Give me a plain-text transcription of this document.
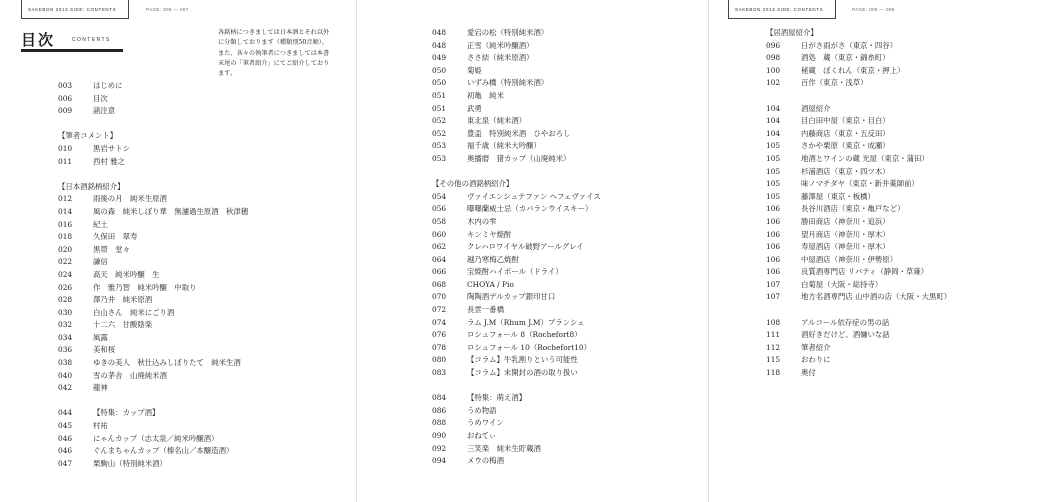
SAKEBON 2013 SIDE: CONTENTS	PAGE: 006 — 007	SAKEBON 2013 SIDE: CONTENTS	PAGE: 008 — 009
目次	CONTENTS

各銘柄につきましては日本酒とそれ以外に分類しております（種類別50音順）。また、各々の執筆者につきましては本書末尾の「筆者紹介」にてご紹介しております。

003	はじめに
006	目次
009	諸注意
【筆者コメント】
010	黒岩サトシ
011	西村 雅之
【日本酒銘柄紹介】
012	雨後の月　純米生原酒
014	風の森　純米しぼり華　無濾過生原酒　秋津穂
016	紀土
018	久保田　翠寿
020	黒帯　堂々
022	謙信
024	高天　純米吟醸　生
026	作　雅乃智　純米吟醸　中取り
028	澤乃井　純米原酒
030	白山さん　純米にごり酒
032	十二六　甘酸陰楽
034	風露
036	美和桜
038	ゆきの美人　秋仕込みしぼりたて　純米生酒
040	雪の茅舎　山廃純米酒
042	龍神
044	【特集：カップ酒】
045	村祐
046	にゃんカップ（志太泉／純米吟醸酒）
046	ぐんまちゃんカップ（榛名山／本醸造酒）
047	栗駒山（特別純米酒）
048	愛宕の松（特別純米酒）
048	正雪（純米吟醸酒）
049	ささ結（純米原酒）
050	菊姫
050	いずみ橋（特別純米酒）
051	初亀　純米
051	武勇
052	東北泉（純米酒）
052	豊盃　特別純米酒　ひやおろし
053	福千歳（純米大吟醸）
053	奥播磨　猪カップ（山廃純米）
【その他の酒銘柄紹介】
054	ヴァイエンシュテファン ヘフェヴァイス
056	曝曝蘭威士忌（カバランウイスキー）
058	木内の雫
060	キンミヤ焼酎
062	クレハロワイヤル破野アールグレイ
064	越乃寒梅乙焼酎
066	宝焼酎ハイボール（ドライ）
068	CHOYA / Pio
070	陶陶酒デルカップ銀印甘口
072	長雲一番橋
074	ラム J.M（Rhum J.M）ブランシェ
076	ロシュフォール 8（Rochefort8）
078	ロシュフォール 10（Rochefort10）
080	【コラム】牛乳割りという可能性
083	【コラム】未開封の酒の取り扱い
084	【特集：萌え酒】
086	うめ物語
088	うめワイン
090	おねてぃ
092	三笑楽　純米生貯蔵酒
094	メウの梅酒
【居酒屋紹介】
096	日がさ雨がさ（東京・四谷）
098	酒処　蔵（東京・錦糸町）
100	秘蔵　ぼくれん（東京・押上）
102	百作（東京・浅草）
104	酒屋紹介
104	目白田中屋（東京・目白）
104	内藤商店（東京・五反田）
105	さかや栗原（東京・成瀬）
105	地酒とワインの蔵 光屋（東京・蒲田）
105	杉浦酒店（東京・四ツ木）
105	味ノマチダヤ（東京・新井薬師前）
105	藤澤屋（東京・板橋）
106	長谷川酒店（東京・亀戸など）
106	勝田商店（神奈川・追浜）
106	望月商店（神奈川・厚木）
106	寿屋酒店（神奈川・厚木）
106	中屋酒店（神奈川・伊勢原）
106	良質酒専門店 リバティ（静岡・草薙）
107	白菊屋（大阪・総持寺）
107	地方名酒専門店 山中酒の店（大阪・大黒町）
108	アルコール依存症の男の話
111	酒好きだけど、酒嫌いな話
112	筆者紹介
115	おわりに
118	奥付
